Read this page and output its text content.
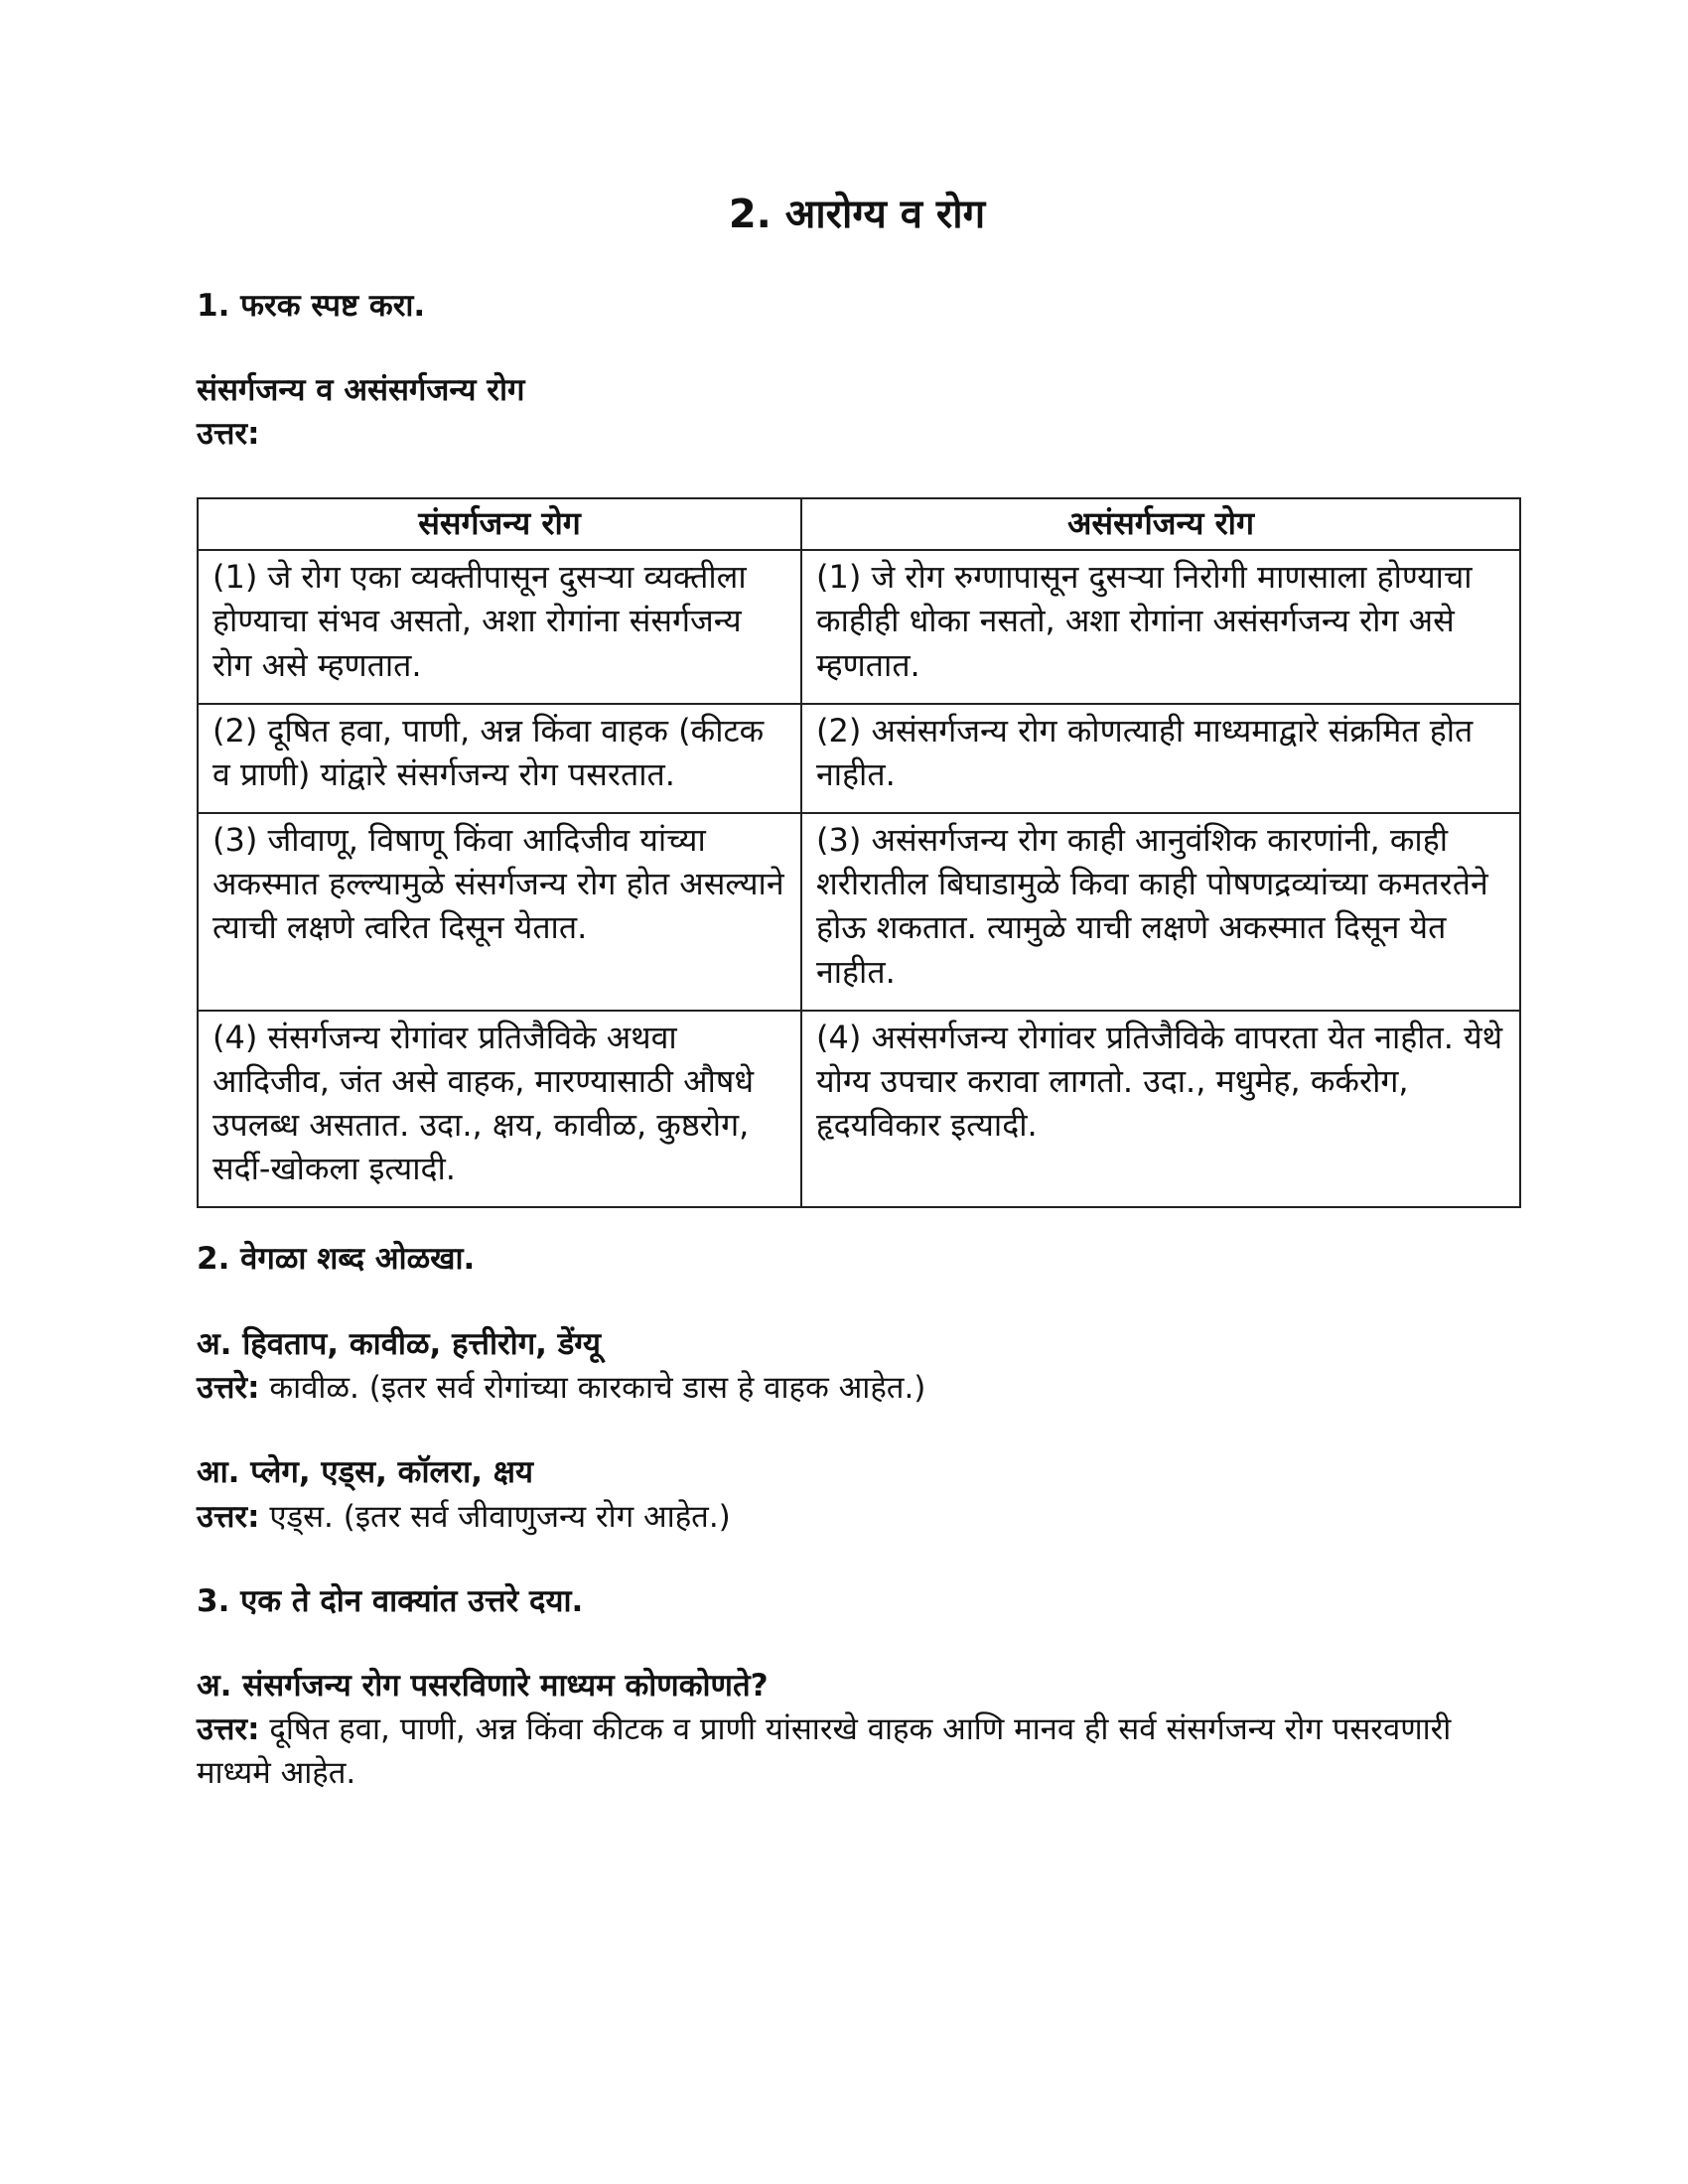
2. आरोग्य व रोग

1. फरक स्पष्ट करा.

संसर्गजन्य व असंसर्गजन्य रोग

उत्तर:

संसर्गजन्य रोग	असंसर्गजन्य रोग
(1) जे रोग एका व्यक्तीपासून दुसऱ्या व्यक्तीला होण्याचा संभव असतो, अशा रोगांना संसर्गजन्य रोग असे म्हणतात.	(1) जे रोग रुग्णापासून दुसऱ्या निरोगी माणसाला होण्याचा काहीही धोका नसतो, अशा रोगांना असंसर्गजन्य रोग असे म्हणतात.
(2) दूषित हवा, पाणी, अन्न किंवा वाहक (कीटक व प्राणी) यांद्वारे संसर्गजन्य रोग पसरतात.	(2) असंसर्गजन्य रोग कोणत्याही माध्यमाद्वारे संक्रमित होत नाहीत.
(3) जीवाणू, विषाणू किंवा आदिजीव यांच्या अकस्मात हल्ल्यामुळे संसर्गजन्य रोग होत असल्याने त्याची लक्षणे त्वरित दिसून येतात.	(3) असंसर्गजन्य रोग काही आनुवंशिक कारणांनी, काही शरीरातील बिघाडामुळे किवा काही पोषणद्रव्यांच्या कमतरतेने होऊ शकतात. त्यामुळे याची लक्षणे अकस्मात दिसून येत नाहीत.
(4) संसर्गजन्य रोगांवर प्रतिजैविके अथवा आदिजीव, जंत असे वाहक, मारण्यासाठी औषधे उपलब्ध असतात. उदा., क्षय, कावीळ, कुष्ठरोग, सर्दी-खोकला इत्यादी.	(4) असंसर्गजन्य रोगांवर प्रतिजैविके वापरता येत नाहीत. येथे योग्य उपचार करावा लागतो. उदा., मधुमेह, कर्करोग, हृदयविकार इत्यादी.

2. वेगळा शब्द ओळखा.

अ. हिवताप, कावीळ, हत्तीरोग, डेंग्यू

उत्तरे: कावीळ. (इतर सर्व रोगांच्या कारकाचे डास हे वाहक आहेत.)

आ. प्लेग, एड्स, कॉलरा, क्षय

उत्तर: एड्स. (इतर सर्व जीवाणुजन्य रोग आहेत.)

3. एक ते दोन वाक्यांत उत्तरे दया.

अ. संसर्गजन्य रोग पसरविणारे माध्यम कोणकोणते?

उत्तर: दूषित हवा, पाणी, अन्न किंवा कीटक व प्राणी यांसारखे वाहक आणि मानव ही सर्व संसर्गजन्य रोग पसरवणारी माध्यमे आहेत.
